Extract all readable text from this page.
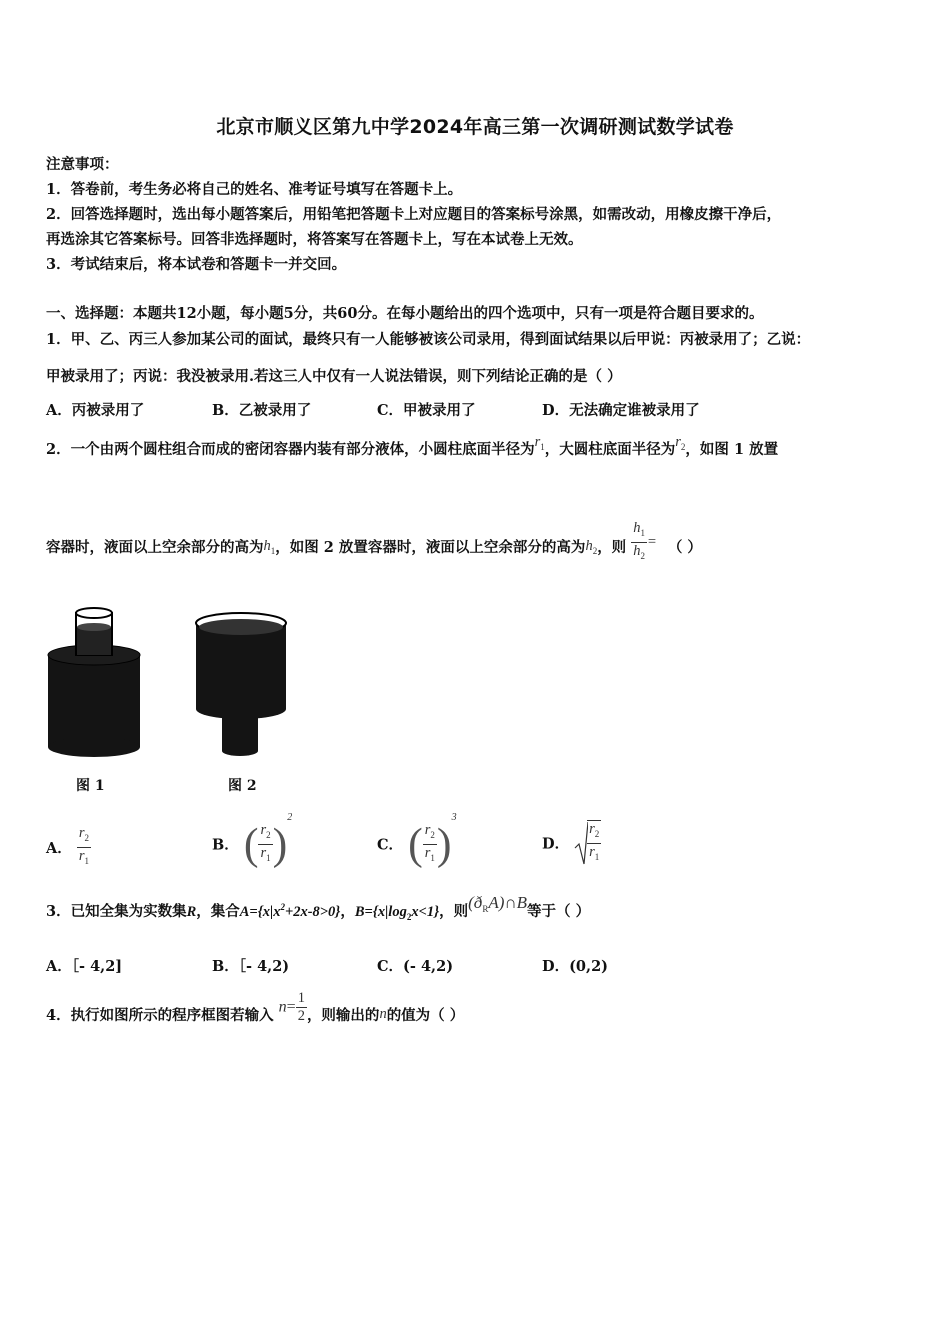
北京市顺义区第九中学2024年高三第一次调研测试数学试卷
注意事项：
1．答卷前，考生务必将自己的姓名、准考证号填写在答题卡上。
2．回答选择题时，选出每小题答案后，用铅笔把答题卡上对应题目的答案标号涂黑，如需改动，用橡皮擦干净后，
再选涂其它答案标号。回答非选择题时，将答案写在答题卡上，写在本试卷上无效。
3．考试结束后，将本试卷和答题卡一并交回。
一、选择题：本题共12小题，每小题5分，共60分。在每小题给出的四个选项中，只有一项是符合题目要求的。
1．甲、乙、丙三人参加某公司的面试，最终只有一人能够被该公司录用，得到面试结果以后甲说：丙被录用了；乙说：
甲被录用了；丙说：我没被录用.若这三人中仅有一人说法错误，则下列结论正确的是（ ）
A．丙被录用了	B．乙被录用了	C．甲被录用了	D．无法确定谁被录用了
2．一个由两个圆柱组合而成的密闭容器内装有部分液体，小圆柱底面半径为$r_1$，大圆柱底面半径为$r_2$，如图 1 放置
容器时，液面以上空余部分的高为$h_1$，如图 2 放置容器时，液面以上空余部分的高为$h_2$，则 $\frac{h_1}{h_2}$ = （ ）
图 1	图 2
A． $\frac{r_2}{r_1}$	B． ( $\frac{r_2}{r_1} )^2$
C． ( $\frac{r_2}{r_1} )^3$
D． $\frac{r_2}{r_1}$
3．已知全集为实数集R，集合$A=\{x|x^2+2x-8>0\}$，$B=\{x|\log_2x<1\}$，则$(ð_RA)\cap B$等于（ ）
A．［- 4,2]	B．［- 4,2)	C．(- 4,2)	D．(0,2)
4．执行如图所示的程序框图若输入 $n= \frac{1}{2}$ ，则输出的n的值为（ ）
